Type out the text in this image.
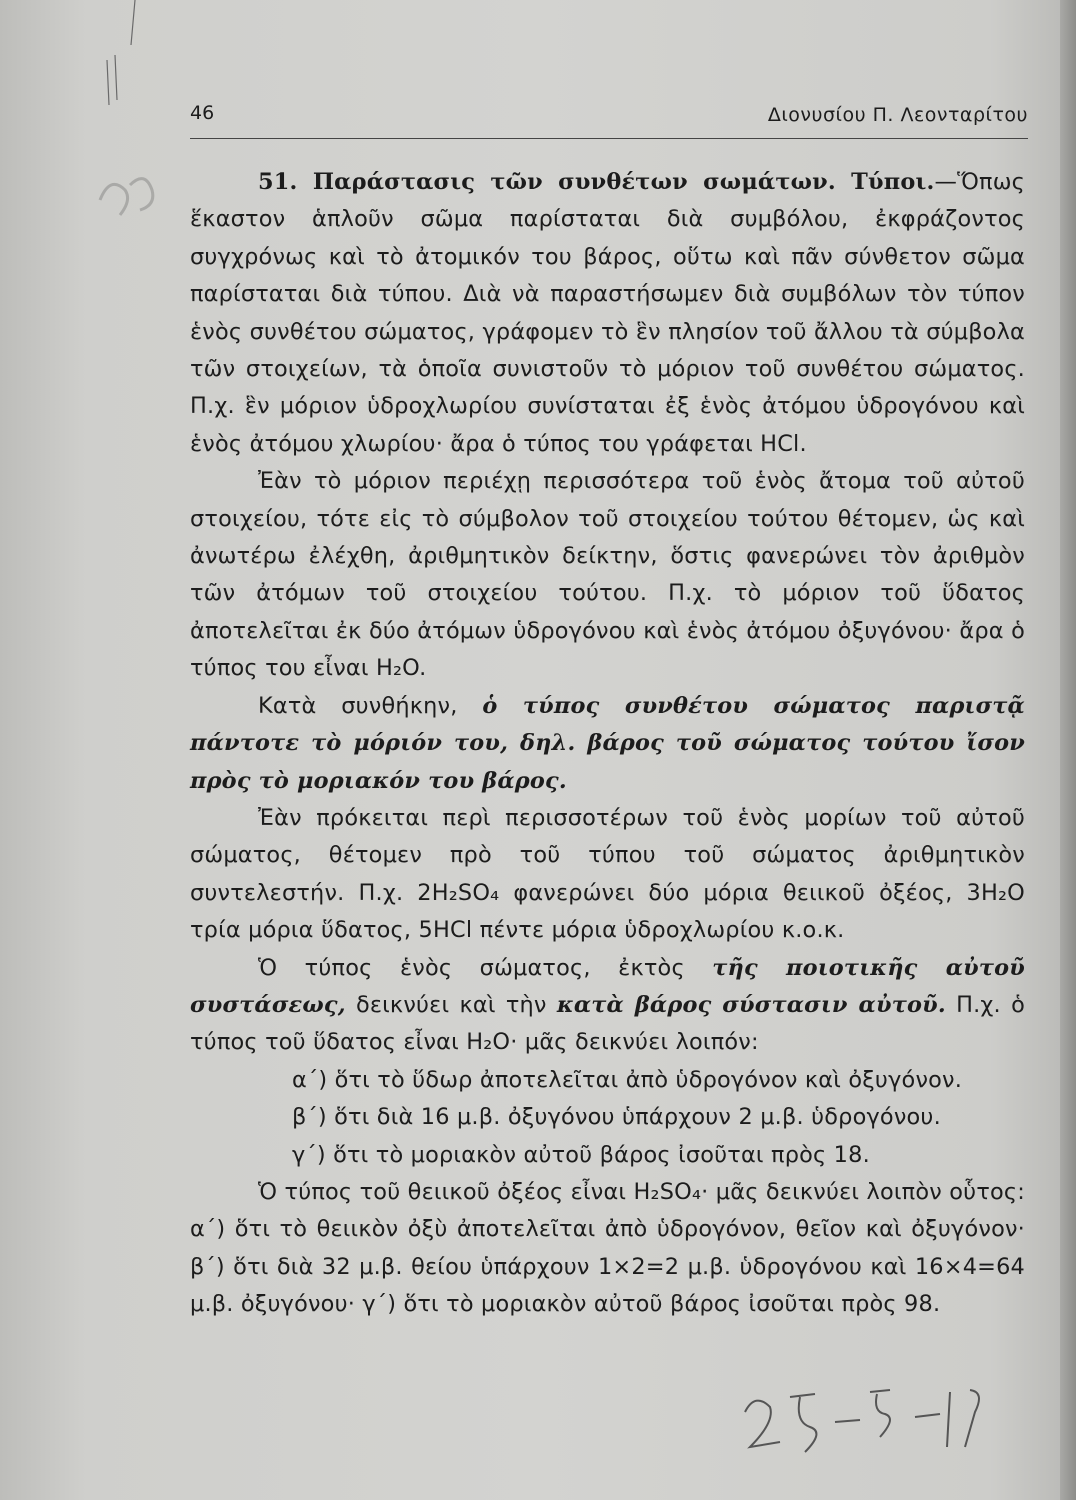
46	Διονυσίου Π. Λεονταρίτου

51. Παράστασις τῶν συνθέτων σωμάτων. Τύποι.—Ὅπως ἕκαστον ἁπλοῦν σῶμα παρίσταται διὰ συμβόλου, ἐκφράζοντος συγχρόνως καὶ τὸ ἀτομικόν του βάρος, οὕτω καὶ πᾶν σύνθετον σῶμα παρίσταται διὰ τύπου. Διὰ νὰ παραστήσωμεν διὰ συμβόλων τὸν τύπον ἑνὸς συνθέτου σώματος, γράφομεν τὸ ἓν πλησίον τοῦ ἄλλου τὰ σύμβολα τῶν στοιχείων, τὰ ὁποῖα συνιστοῦν τὸ μόριον τοῦ συνθέτου σώματος. Π.χ. ἓν μόριον ὑδροχλωρίου συνίσταται ἐξ ἑνὸς ἀτόμου ὑδρογόνου καὶ ἑνὸς ἀτόμου χλωρίου· ἄρα ὁ τύπος του γράφεται HCl.

Ἐὰν τὸ μόριον περιέχῃ περισσότερα τοῦ ἑνὸς ἄτομα τοῦ αὐτοῦ στοιχείου, τότε εἰς τὸ σύμβολον τοῦ στοιχείου τούτου θέτομεν, ὡς καὶ ἀνωτέρω ἐλέχθη, ἀριθμητικὸν δείκτην, ὅστις φανερώνει τὸν ἀριθμὸν τῶν ἀτόμων τοῦ στοιχείου τούτου. Π.χ. τὸ μόριον τοῦ ὕδατος ἀποτελεῖται ἐκ δύο ἀτόμων ὑδρογόνου καὶ ἑνὸς ἀτόμου ὀξυγόνου· ἄρα ὁ τύπος του εἶναι H₂O.

Κατὰ συνθήκην, ὁ τύπος συνθέτου σώματος παριστᾷ πάντοτε τὸ μόριόν του, δηλ. βάρος τοῦ σώματος τούτου ἴσον πρὸς τὸ μοριακόν του βάρος.

Ἐὰν πρόκειται περὶ περισσοτέρων τοῦ ἑνὸς μορίων τοῦ αὐτοῦ σώματος, θέτομεν πρὸ τοῦ τύπου τοῦ σώματος ἀριθμητικὸν συντελεστήν. Π.χ. 2H₂SO₄ φανερώνει δύο μόρια θειικοῦ ὀξέος, 3H₂O τρία μόρια ὕδατος, 5HCl πέντε μόρια ὑδροχλωρίου κ.ο.κ.

Ὁ τύπος ἑνὸς σώματος, ἐκτὸς τῆς ποιοτικῆς αὐτοῦ συστάσεως, δεικνύει καὶ τὴν κατὰ βάρος σύστασιν αὐτοῦ. Π.χ. ὁ τύπος τοῦ ὕδατος εἶναι H₂O· μᾶς δεικνύει λοιπόν:

α΄) ὅτι τὸ ὕδωρ ἀποτελεῖται ἀπὸ ὑδρογόνον καὶ ὀξυγόνον.

β΄) ὅτι διὰ 16 μ.β. ὀξυγόνου ὑπάρχουν 2 μ.β. ὑδρογόνου.

γ΄) ὅτι τὸ μοριακὸν αὐτοῦ βάρος ἰσοῦται πρὸς 18.

Ὁ τύπος τοῦ θειικοῦ ὀξέος εἶναι H₂SO₄· μᾶς δεικνύει λοιπὸν οὗτος: α΄) ὅτι τὸ θειικὸν ὀξὺ ἀποτελεῖται ἀπὸ ὑδρογόνον, θεῖον καὶ ὀξυγόνον· β΄) ὅτι διὰ 32 μ.β. θείου ὑπάρχουν 1×2=2 μ.β. ὑδρογόνου καὶ 16×4=64 μ.β. ὀξυγόνου· γ΄) ὅτι τὸ μοριακὸν αὐτοῦ βάρος ἰσοῦται πρὸς 98.
